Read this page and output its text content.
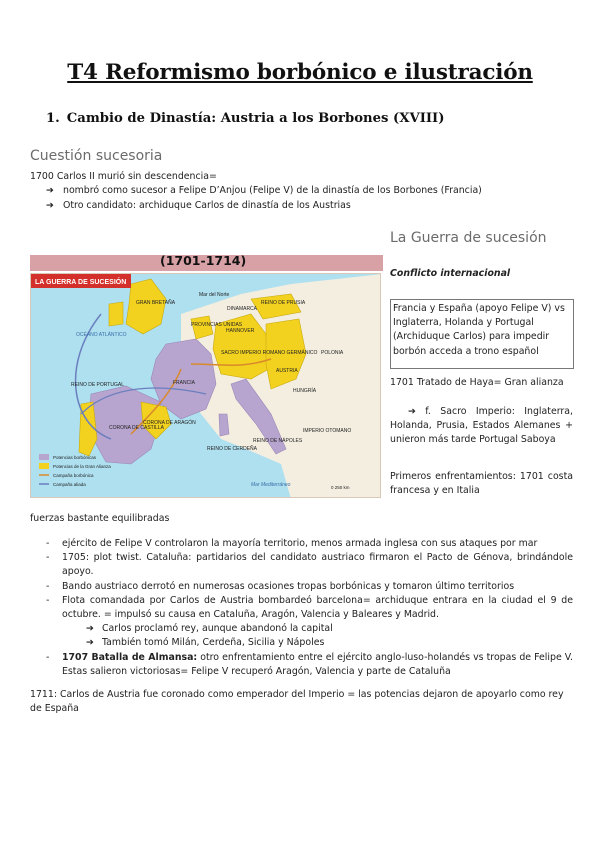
T4 Reformismo borbónico e ilustración
1. Cambio de Dinastía: Austria a los Borbones (XVIII)
Cuestión sucesoria
1700 Carlos II murió sin descendencia=
➔ nombró como sucesor a Felipe D’Anjou (Felipe V) de la dinastía de los Borbones (Francia)
➔ Otro candidato: archiduque Carlos de dinastía de los Austrias
(1701-1714)
LA GUERRA DE SUCESIÓN
Mar del Norte
OCÉANO ATLÁNTICO
GRAN BRETAÑA
PROVINCIAS UNIDAS
DINAMARCA
REINO DE PRUSIA
POLONIA
HANNOVER
SACRO IMPERIO ROMANO GERMÁNICO
FRANCIA
AUSTRIA
HUNGRÍA
REINO DE PORTUGAL
CORONA DE CASTILLA
CORONA DE ARAGÓN
IMPERIO OTOMANO
REINO DE NÁPOLES
REINO DE CERDEÑA
Mar Mediterráneo
Potencias borbónicas
Potencias de la Gran Alianza
Campaña borbónica
Campaña aliada
0 250 km
La Guerra de sucesión
Conflicto internacional
Francia y España (apoyo Felipe V) vs Inglaterra, Holanda y Portugal (Archiduque Carlos) para impedir borbón acceda a trono español
1701 Tratado de Haya= Gran alianza
➔ f. Sacro Imperio: Inglaterra, Holanda, Prusia, Estados Alemanes + unieron más tarde Portugal Saboya
Primeros enfrentamientos: 1701 costa francesa y en Italia
fuerzas bastante equilibradas
- ejército de Felipe V controlaron la mayoría territorio, menos armada inglesa con sus ataques por mar
- 1705: plot twist. Cataluña: partidarios del candidato austriaco firmaron el Pacto de Génova, brindándole apoyo.
- Bando austriaco derrotó en numerosas ocasiones tropas borbónicas y tomaron último territorios
- Flota comandada por Carlos de Austria bombardeó barcelona= archiduque entrara en la ciudad el 9 de octubre. = impulsó su causa en Cataluña, Aragón, Valencia y Baleares y Madrid.
➔ Carlos proclamó rey, aunque abandonó la capital
➔ También tomó Milán, Cerdeña, Sicilia y Nápoles
- 1707 Batalla de Almansa: otro enfrentamiento entre el ejército anglo-luso-holandés vs tropas de Felipe V. Estas salieron victoriosas= Felipe V recuperó Aragón, Valencia y parte de Cataluña
1711: Carlos de Austria fue coronado como emperador del Imperio = las potencias dejaron de apoyarlo como rey de España
